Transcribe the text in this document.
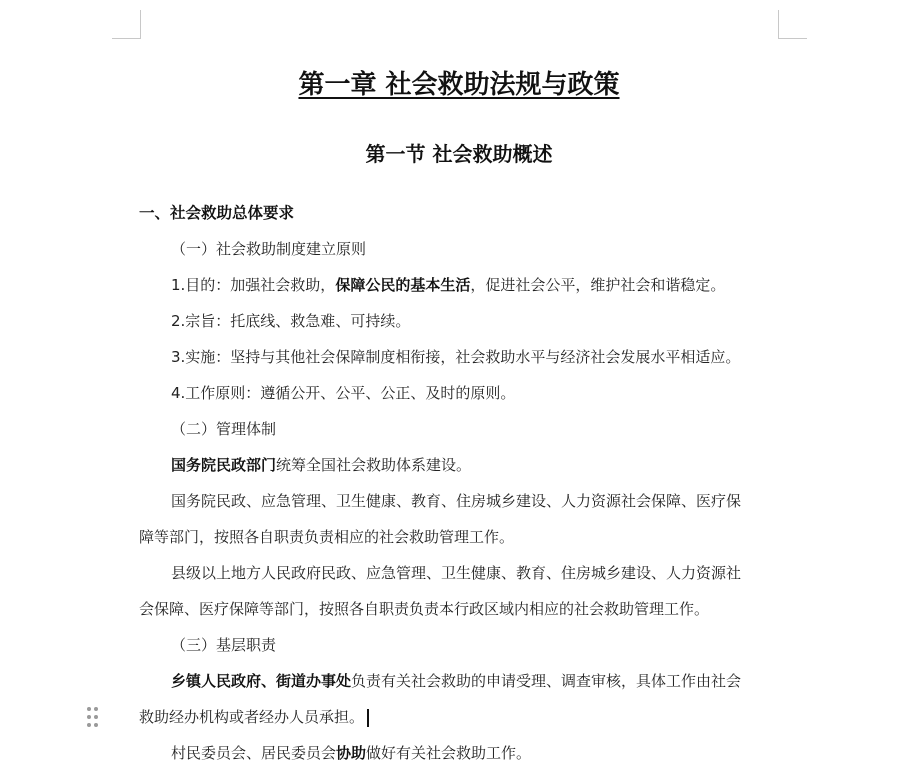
第一章 社会救助法规与政策
第一节 社会救助概述
一、社会救助总体要求
（一）社会救助制度建立原则
1.目的：加强社会救助，保障公民的基本生活，促进社会公平，维护社会和谐稳定。
2.宗旨：托底线、救急难、可持续。
3.实施：坚持与其他社会保障制度相衔接，社会救助水平与经济社会发展水平相适应。
4.工作原则：遵循公开、公平、公正、及时的原则。
（二）管理体制
国务院民政部门统筹全国社会救助体系建设。
国务院民政、应急管理、卫生健康、教育、住房城乡建设、人力资源社会保障、医疗保
障等部门，按照各自职责负责相应的社会救助管理工作。
县级以上地方人民政府民政、应急管理、卫生健康、教育、住房城乡建设、人力资源社
会保障、医疗保障等部门，按照各自职责负责本行政区域内相应的社会救助管理工作。
（三）基层职责
乡镇人民政府、街道办事处负责有关社会救助的申请受理、调查审核，具体工作由社会
救助经办机构或者经办人员承担。
村民委员会、居民委员会协助做好有关社会救助工作。
